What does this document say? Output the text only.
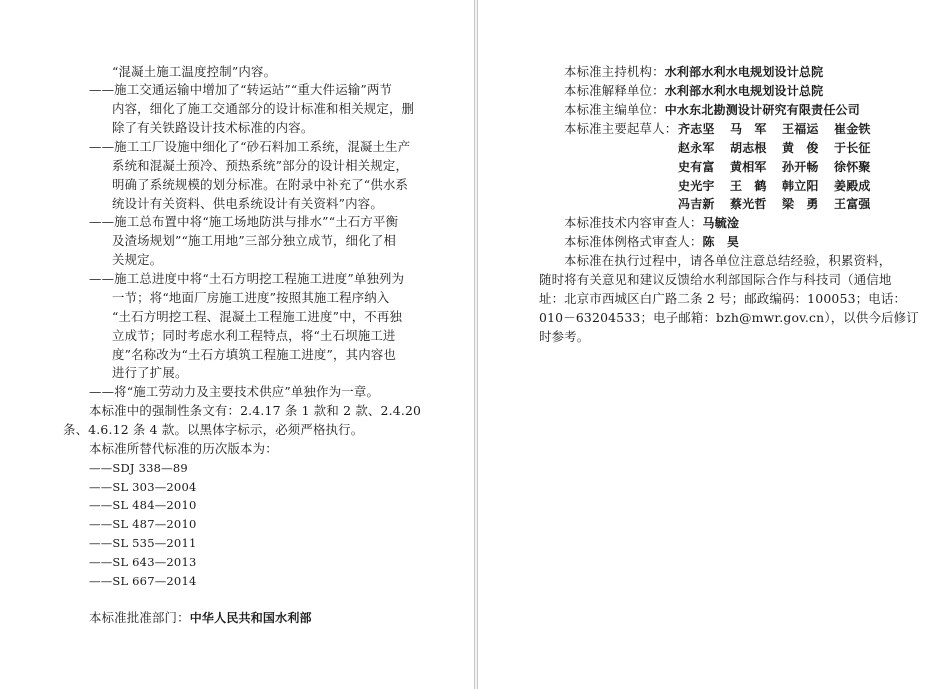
“混凝土施工温度控制”内容。
——施工交通运输中增加了“转运站”“重大件运输”两节
内容，细化了施工交通部分的设计标准和相关规定，删
除了有关铁路设计技术标准的内容。
——施工工厂设施中细化了“砂石料加工系统，混凝土生产
系统和混凝土预冷、预热系统”部分的设计相关规定，
明确了系统规模的划分标准。在附录中补充了“供水系
统设计有关资料、供电系统设计有关资料”内容。
——施工总布置中将“施工场地防洪与排水”“土石方平衡
及渣场规划”“施工用地”三部分独立成节，细化了相
关规定。
——施工总进度中将“土石方明挖工程施工进度”单独列为
一节；将“地面厂房施工进度”按照其施工程序纳入
“土石方明挖工程、混凝土工程施工进度”中，不再独
立成节；同时考虑水利工程特点，将“土石坝施工进
度”名称改为“土石方填筑工程施工进度”，其内容也
进行了扩展。
——将“施工劳动力及主要技术供应”单独作为一章。
本标准中的强制性条文有：2.4.17 条 1 款和 2 款、2.4.20
条、4.6.12 条 4 款。以黑体字标示，必须严格执行。
本标准所替代标准的历次版本为：
——SDJ 338—89
——SL 303—2004
——SL 484—2010
——SL 487—2010
——SL 535—2011
——SL 643—2013
——SL 667—2014
本标准批准部门：中华人民共和国水利部
本标准主持机构：水利部水利水电规划设计总院
本标准解释单位：水利部水利水电规划设计总院
本标准主编单位：中水东北勘测设计研究有限责任公司
本标准主要起草人： 齐志坚 马　军 王福运 崔金铁
赵永军 胡志根 黄　俊 于长征
史有富 黄相军 孙开畅 徐怀聚
史光宇 王　鹤 韩立阳 姜殿成
冯吉新 蔡光哲 梁　勇 王富强
本标准技术内容审查人：马毓淦
本标准体例格式审查人：陈　昊
本标准在执行过程中，请各单位注意总结经验，积累资料，
随时将有关意见和建议反馈给水利部国际合作与科技司（通信地
址：北京市西城区白广路二条 2 号；邮政编码：100053；电话：
010－63204533；电子邮箱：bzh@mwr.gov.cn），以供今后修订
时参考。
